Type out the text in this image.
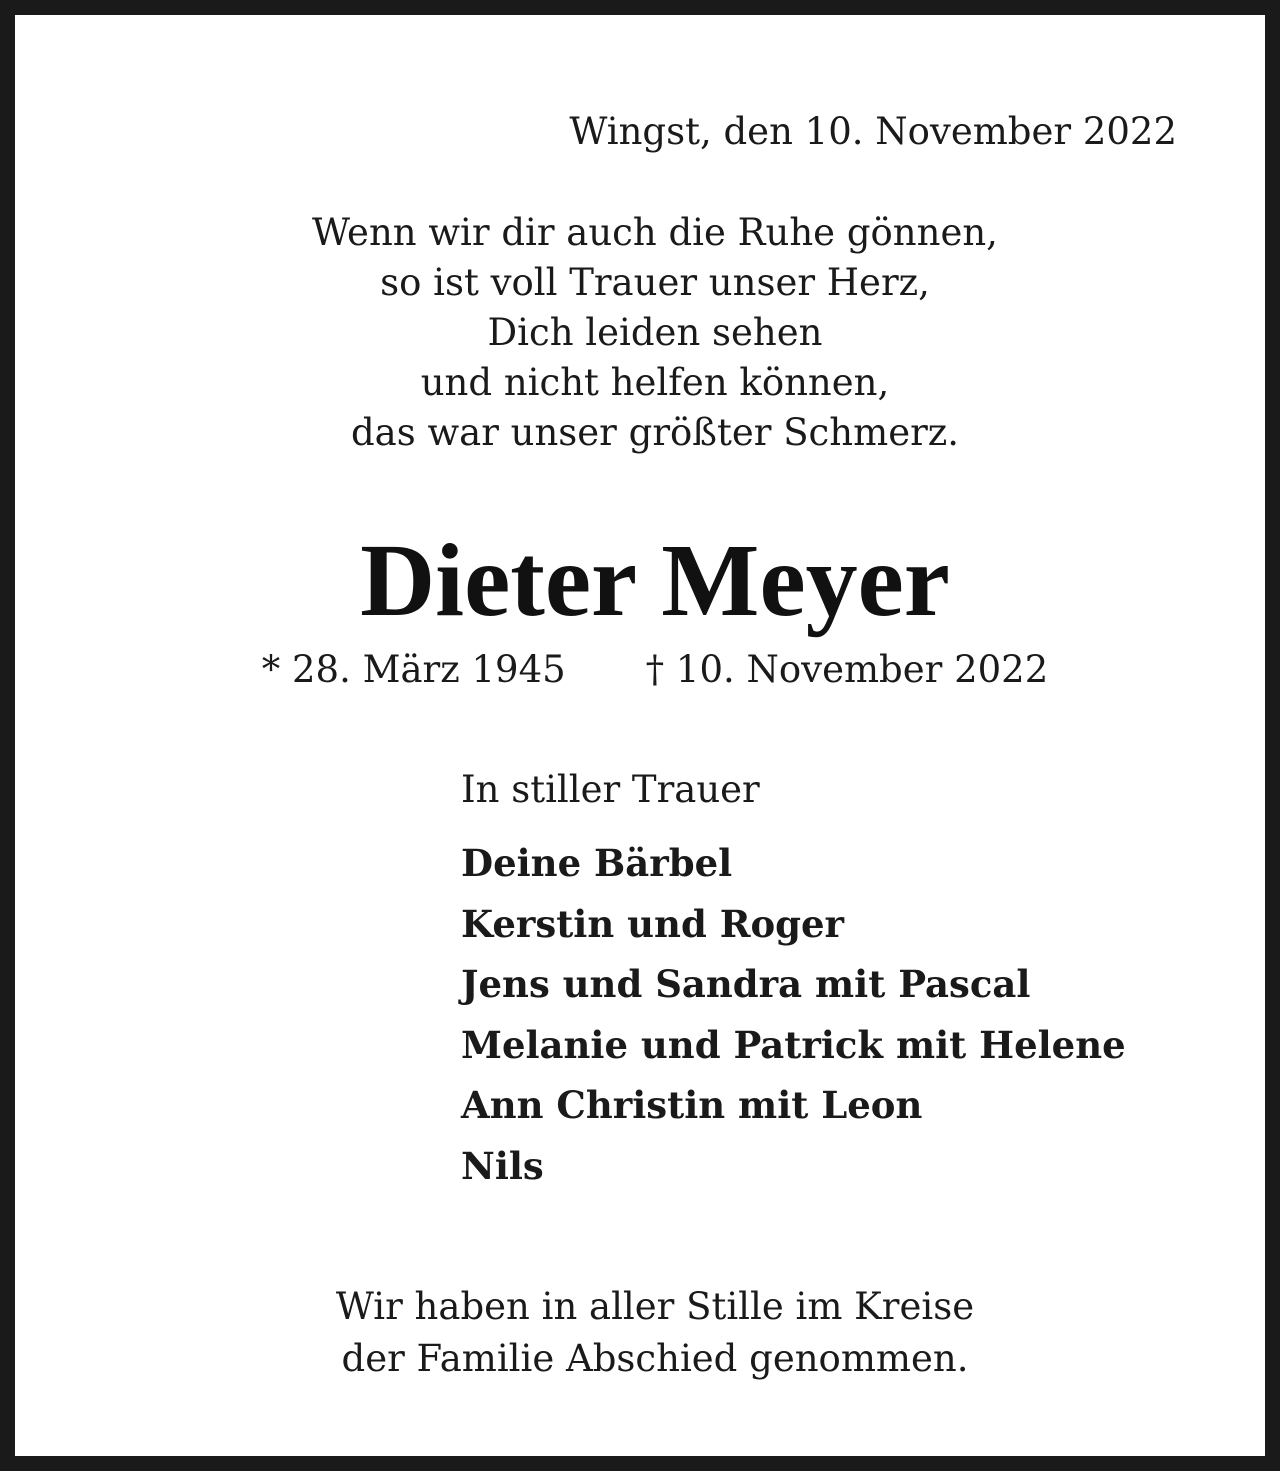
Wingst, den 10. November 2022
Wenn wir dir auch die Ruhe gönnen,
so ist voll Trauer unser Herz,
Dich leiden sehen
und nicht helfen können,
das war unser größter Schmerz.
Dieter Meyer
* 28. März 1945 † 10. November 2022
In stiller Trauer
Deine Bärbel
Kerstin und Roger
Jens und Sandra mit Pascal
Melanie und Patrick mit Helene
Ann Christin mit Leon
Nils
Wir haben in aller Stille im Kreise
der Familie Abschied genommen.
